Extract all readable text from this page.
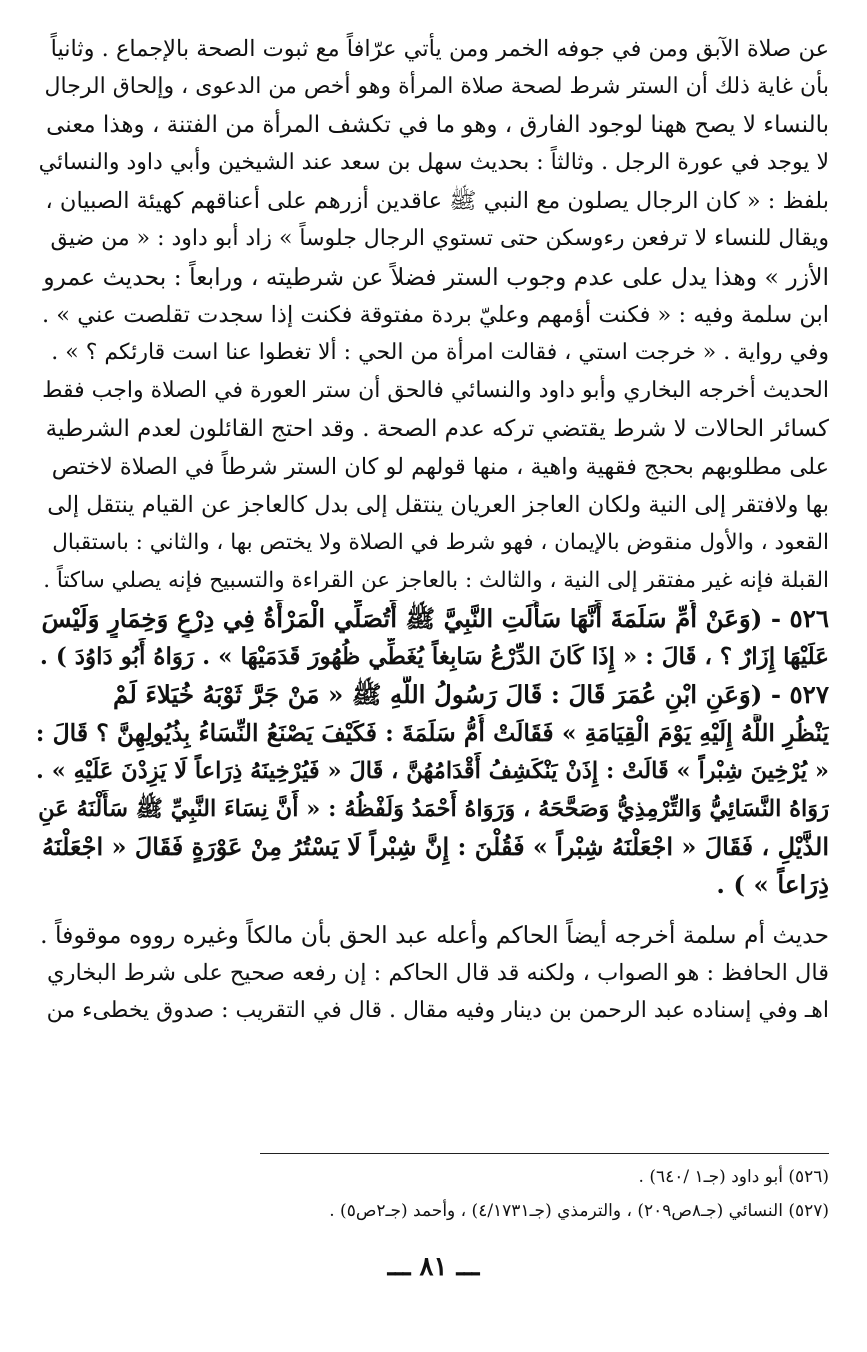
عن صلاة الآبق ومن في جوفه الخمر ومن يأتي عرّافاً مع ثبوت الصحة بالإجماع . وثانياً
بأن غاية ذلك أن الستر شرط لصحة صلاة المرأة وهو أخص من الدعوى ، وإلحاق الرجال
بالنساء لا يصح ههنا لوجود الفارق ، وهو ما في تكشف المرأة من الفتنة ، وهذا معنى
لا يوجد في عورة الرجل . وثالثاً : بحديث سهل بن سعد عند الشيخين وأبي داود والنسائي
بلفظ : « كان الرجال يصلون مع النبي ﷺ عاقدين أزرهم على أعناقهم كهيئة الصبيان ،
ويقال للنساء لا ترفعن رءوسكن حتى تستوي الرجال جلوساً » زاد أبو داود : « من ضيق
الأزر » وهذا يدل على عدم وجوب الستر فضلاً عن شرطيته ، ورابعاً : بحديث عمرو
ابن سلمة وفيه : « فكنت أؤمهم وعليّ بردة مفتوقة فكنت إذا سجدت تقلصت عني » .
وفي رواية . « خرجت استي ، فقالت امرأة من الحي : ألا تغطوا عنا است قارئكم ؟ » .
الحديث أخرجه البخاري وأبو داود والنسائي فالحق أن ستر العورة في الصلاة واجب فقط
كسائر الحالات لا شرط يقتضي تركه عدم الصحة . وقد احتج القائلون لعدم الشرطية
على مطلوبهم بحجج فقهية واهية ، منها قولهم لو كان الستر شرطاً في الصلاة لاختص
بها ولافتقر إلى النية ولكان العاجز العريان ينتقل إلى بدل كالعاجز عن القيام ينتقل إلى
القعود ، والأول منقوض بالإيمان ، فهو شرط في الصلاة ولا يختص بها ، والثاني : باستقبال
القبلة فإنه غير مفتقر إلى النية ، والثالث : بالعاجز عن القراءة والتسبيح فإنه يصلي ساكتاً .
٥٢٦ - (وَعَنْ أُمِّ سَلَمَةَ أَنَّهَا سَأَلَتِ النَّبِيَّ ﷺ أَتُصَلِّي الْمَرْأَةُ فِي دِرْعٍ وَخِمَارٍ وَلَيْسَ
عَلَيْهَا إِزَارٌ ؟ ، قَالَ : « إِذَا كَانَ الدِّرْعُ سَابِغاً يُغَطِّي ظُهُورَ قَدَمَيْهَا » . رَوَاهُ أَبُو دَاوُدَ ) .
٥٢٧ - (وَعَنِ ابْنِ عُمَرَ قَالَ : قَالَ رَسُولُ اللَّهِ ﷺ « مَنْ جَرَّ ثَوْبَهُ خُيَلاءَ لَمْ
يَنْظُرِ اللَّهُ إِلَيْهِ يَوْمَ الْقِيَامَةِ » فَقَالَتْ أُمُّ سَلَمَةَ : فَكَيْفَ يَصْنَعُ النِّسَاءُ بِذُيُولِهِنَّ ؟ قَالَ :
« يُرْخِينَ شِبْراً » قَالَتْ : إِذَنْ يَنْكَشِفُ أَقْدَامُهُنَّ ، قَالَ « فَيُرْخِينَهُ ذِرَاعاً لَا يَزِدْنَ عَلَيْهِ » .
رَوَاهُ النَّسَائِيُّ وَالتِّرْمِذِيُّ وَصَحَّحَهُ ، وَرَوَاهُ أَحْمَدُ وَلَفْظُهُ : « أَنَّ نِسَاءَ النَّبِيِّ ﷺ سَأَلْنَهُ عَنِ
الذَّيْلِ ، فَقَالَ « اجْعَلْنَهُ شِبْراً » فَقُلْنَ : إِنَّ شِبْراً لَا يَسْتُرُ مِنْ عَوْرَةٍ فَقَالَ « اجْعَلْنَهُ
ذِرَاعاً » ) .
حديث أم سلمة أخرجه أيضاً الحاكم وأعله عبد الحق بأن مالكاً وغيره رووه موقوفاً .
قال الحافظ : هو الصواب ، ولكنه قد قال الحاكم : إن رفعه صحيح على شرط البخاري
اهـ وفي إسناده عبد الرحمن بن دينار وفيه مقال . قال في التقريب : صدوق يخطىء من
(٥٢٦) أبو داود (جـ١ /٦٤٠) .
(٥٢٧) النسائي (جـ٨ص٢٠٩) ، والترمذي (جـ٤/١٧٣١) ، وأحمد (جـ٢ص٥) .
ـــ ٨١ ـــ
